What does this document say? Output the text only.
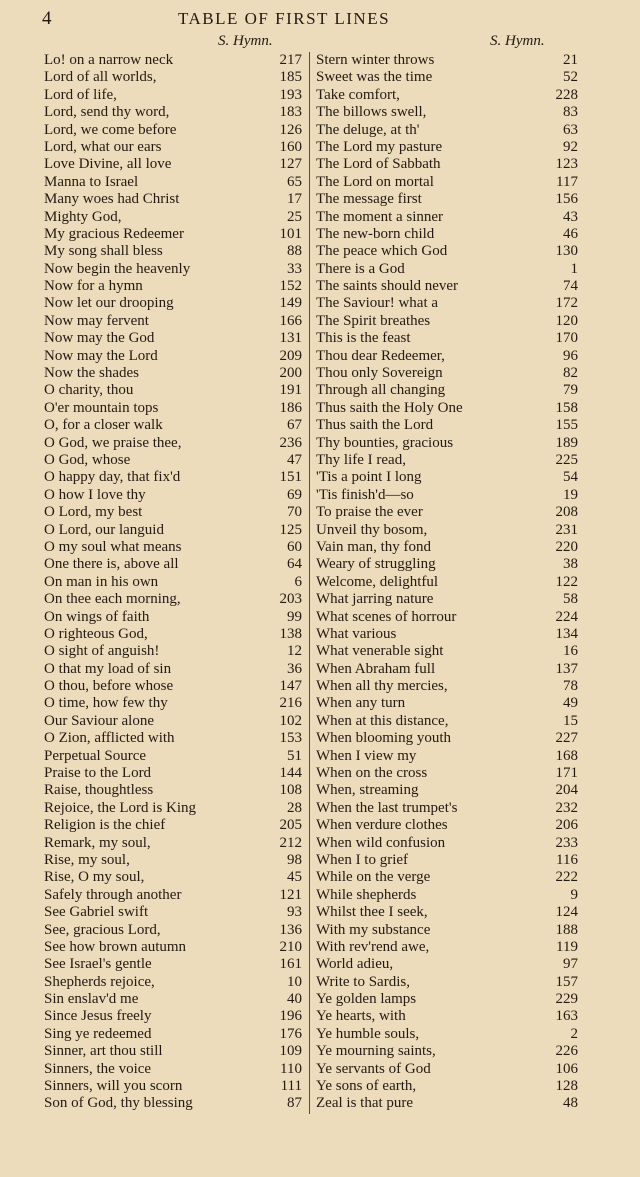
4	TABLE OF FIRST LINES
S. Hymn.	S. Hymn.
Lo! on a narrow neck	217
Lord of all worlds,	185
Lord of life,	193
Lord, send thy word,	183
Lord, we come before	126
Lord, what our ears	160
Love Divine, all love	127
Manna to Israel	65
Many woes had Christ	17
Mighty God,	25
My gracious Redeemer	101
My song shall bless	88
Now begin the heavenly	33
Now for a hymn	152
Now let our drooping	149
Now may fervent	166
Now may the God	131
Now may the Lord	209
Now the shades	200
O charity, thou	191
O'er mountain tops	186
O, for a closer walk	67
O God, we praise thee,	236
O God, whose	47
O happy day, that fix'd	151
O how I love thy	69
O Lord, my best	70
O Lord, our languid	125
O my soul what means	60
One there is, above all	64
On man in his own	6
On thee each morning,	203
On wings of faith	99
O righteous God,	138
O sight of anguish!	12
O that my load of sin	36
O thou, before whose	147
O time, how few thy	216
Our Saviour alone	102
O Zion, afflicted with	153
Perpetual Source	51
Praise to the Lord	144
Raise, thoughtless	108
Rejoice, the Lord is King	28
Religion is the chief	205
Remark, my soul,	212
Rise, my soul,	98
Rise, O my soul,	45
Safely through another	121
See Gabriel swift	93
See, gracious Lord,	136
See how brown autumn	210
See Israel's gentle	161
Shepherds rejoice,	10
Sin enslav'd me	40
Since Jesus freely	196
Sing ye redeemed	176
Sinner, art thou still	109
Sinners, the voice	110
Sinners, will you scorn	111
Son of God, thy blessing	87
Stern winter throws	21
Sweet was the time	52
Take comfort,	228
The billows swell,	83
The deluge, at th'	63
The Lord my pasture	92
The Lord of Sabbath	123
The Lord on mortal	117
The message first	156
The moment a sinner	43
The new-born child	46
The peace which God	130
There is a God	1
The saints should never	74
The Saviour! what a	172
The Spirit breathes	120
This is the feast	170
Thou dear Redeemer,	96
Thou only Sovereign	82
Through all changing	79
Thus saith the Holy One	158
Thus saith the Lord	155
Thy bounties, gracious	189
Thy life I read,	225
'Tis a point I long	54
'Tis finish'd—so	19
To praise the ever	208
Unveil thy bosom,	231
Vain man, thy fond	220
Weary of struggling	38
Welcome, delightful	122
What jarring nature	58
What scenes of horrour	224
What various	134
What venerable sight	16
When Abraham full	137
When all thy mercies,	78
When any turn	49
When at this distance,	15
When blooming youth	227
When I view my	168
When on the cross	171
When, streaming	204
When the last trumpet's	232
When verdure clothes	206
When wild confusion	233
When I to grief	116
While on the verge	222
While shepherds	9
Whilst thee I seek,	124
With my substance	188
With rev'rend awe,	119
World adieu,	97
Write to Sardis,	157
Ye golden lamps	229
Ye hearts, with	163
Ye humble souls,	2
Ye mourning saints,	226
Ye servants of God	106
Ye sons of earth,	128
Zeal is that pure	48
